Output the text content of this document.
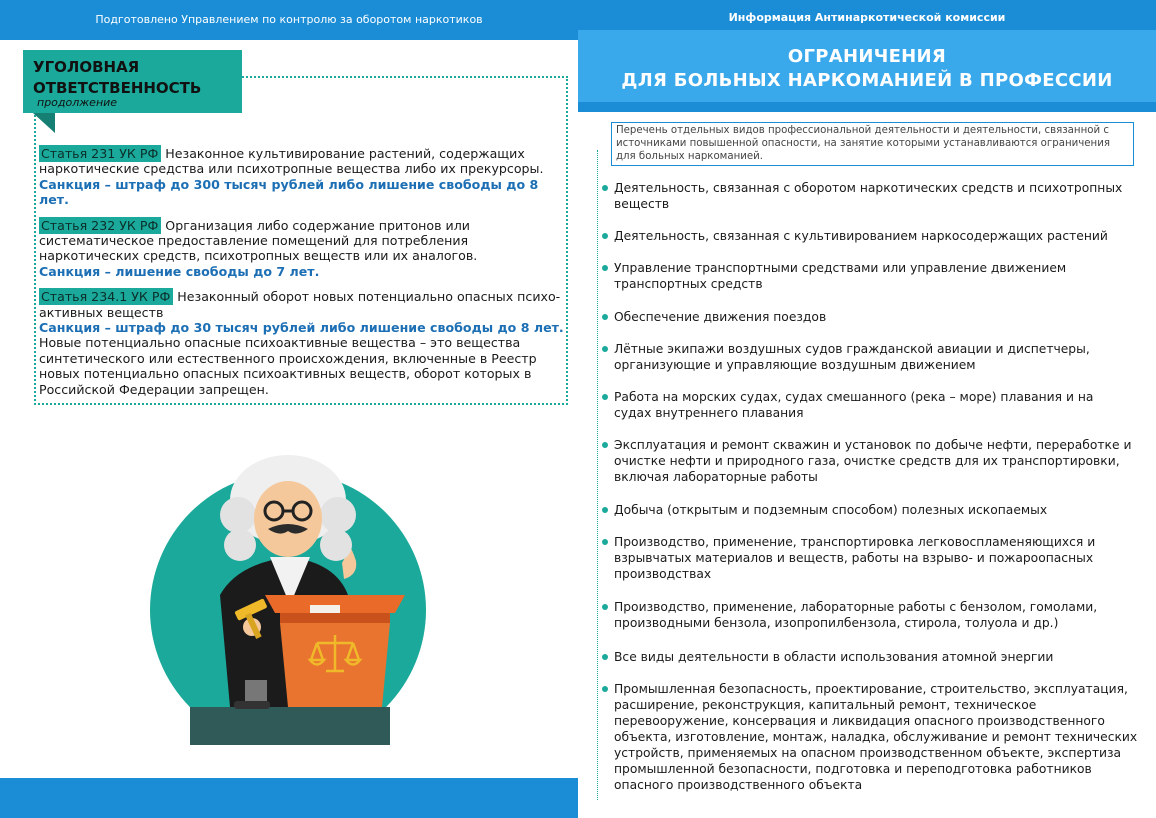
Подготовлено Управлением по контролю за оборотом наркотиков
УГОЛОВНАЯ
ОТВЕТСТВЕННОСТЬ
продолжение

Статья 231 УК РФ Незаконное культивирование растений, содержащих наркотические средства или психотропные вещества либо их прекурсоры.
Санкция – штраф до 300 тысяч рублей либо лишение свободы до 8 лет.

Статья 232 УК РФ Организация либо содержание притонов или систематическое предоставление помещений для потребления наркотических средств, психотропных веществ или их аналогов.
Санкция – лишение свободы до 7 лет.

Статья 234.1 УК РФ Незаконный оборот новых потенциально опасных психо-активных веществ
Санкция – штраф до 30 тысяч рублей либо лишение свободы до 8 лет.
Новые потенциально опасные психоактивные вещества – это вещества синтетического или естественного происхождения, включенные в Реестр новых потенциально опасных психоактивных веществ, оборот которых в Российской Федерации запрещен.

Информация Антинаркотической комиссии
ОГРАНИЧЕНИЯ
ДЛЯ БОЛЬНЫХ НАРКОМАНИЕЙ В ПРОФЕССИИ
Перечень отдельных видов профессиональной деятельности и деятельности, связанной с источниками повышенной опасности, на занятие которыми устанавливаются ограничения для больных наркоманией.
Деятельность, связанная с оборотом наркотических средств и психотропных веществ
Деятельность, связанная с культивированием наркосодержащих растений
Управление транспортными средствами или управление движением транспортных средств
Обеспечение движения поездов
Лётные экипажи воздушных судов гражданской авиации и диспетчеры, организующие и управляющие воздушным движением
Работа на морских судах, судах смешанного (река – море) плавания и на судах внутреннего плавания
Эксплуатация и ремонт скважин и установок по добыче нефти, переработке и очистке нефти и природного газа, очистке средств для их транспортировки, включая лабораторные работы
Добыча (открытым и подземным способом) полезных ископаемых
Производство, применение, транспортировка легковоспламеняющихся и взрывчатых материалов и веществ, работы на взрыво- и пожароопасных производствах
Производство, применение, лабораторные работы с бензолом, гомолами, производными бензола, изопропилбензола, стирола, толуола и др.)
Все виды деятельности в области использования атомной энергии
Промышленная безопасность, проектирование, строительство, эксплуатация, расширение, реконструкция, капитальный ремонт, техническое перевооружение, консервация и ликвидация опасного производственного объекта, изготовление, монтаж, наладка, обслуживание и ремонт технических устройств, применяемых на опасном производственном объекте, экспертиза промышленной безопасности, подготовка и переподготовка работников опасного производственного объекта
